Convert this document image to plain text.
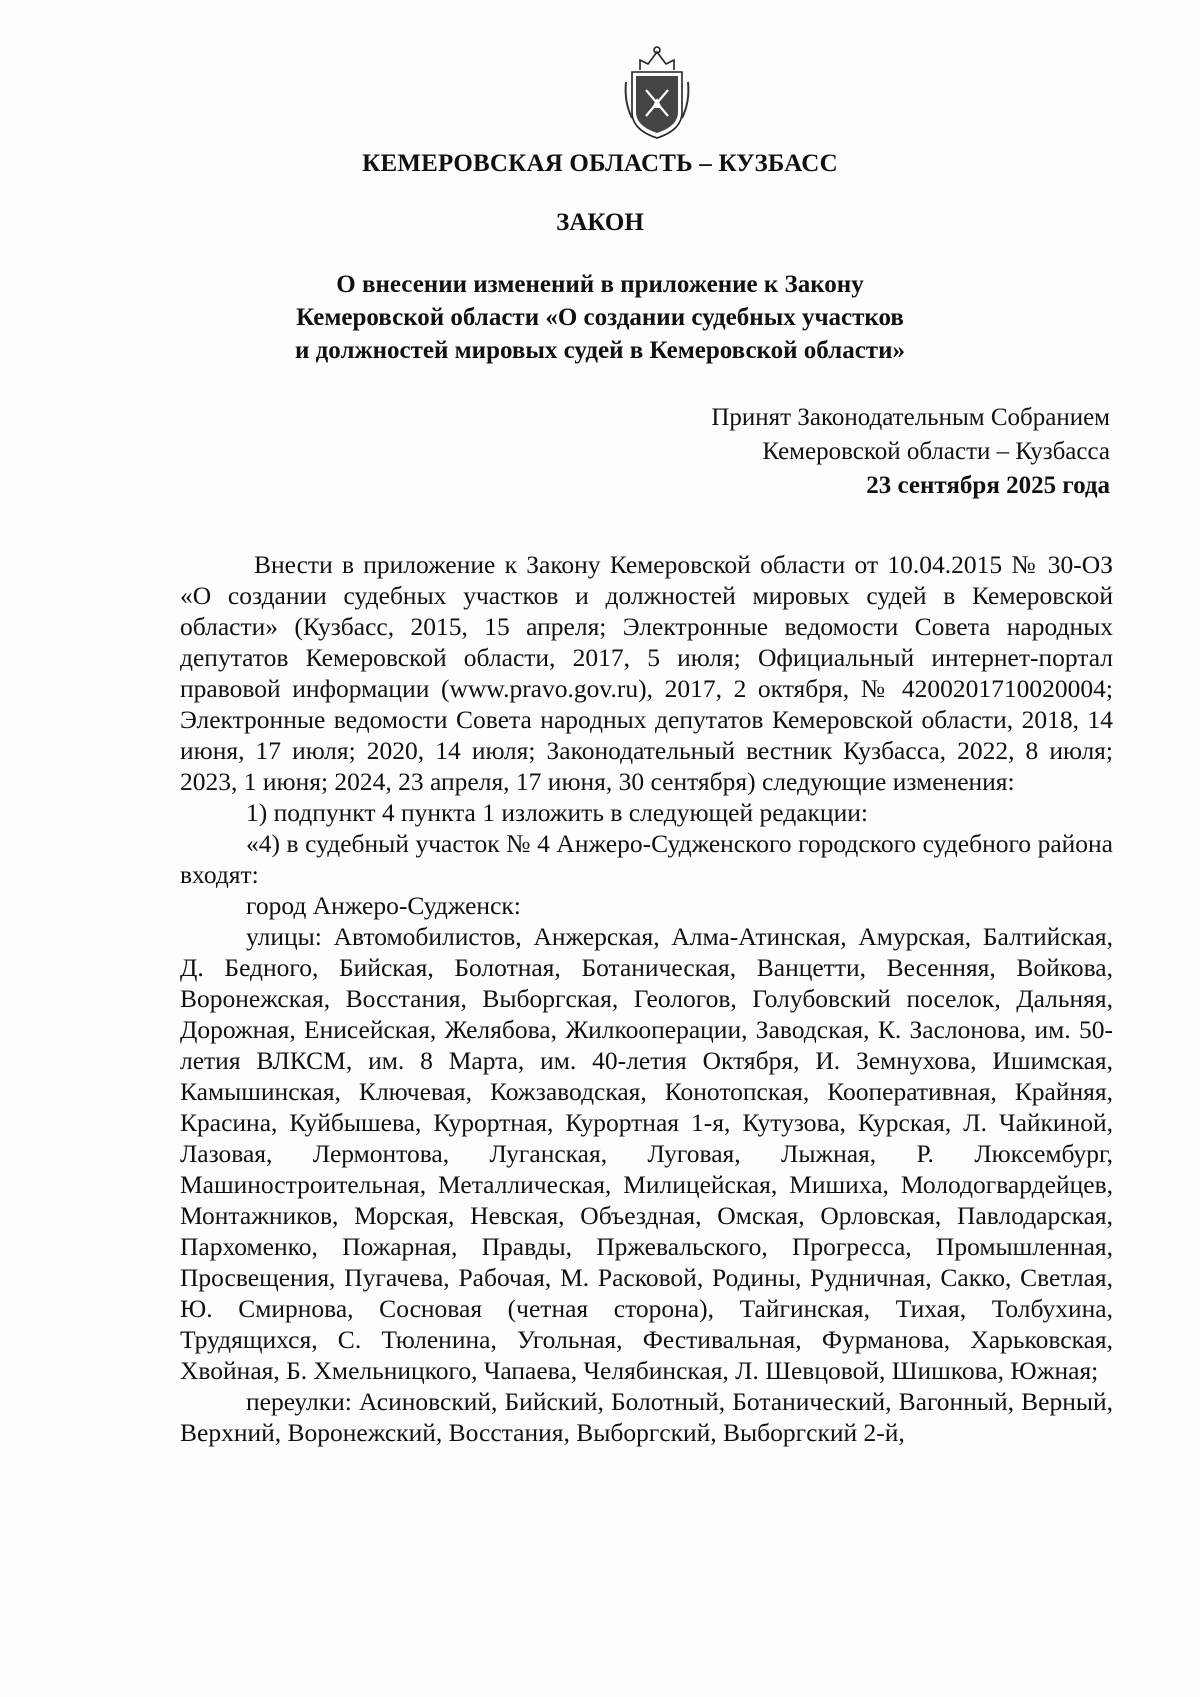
КЕМЕРОВСКАЯ ОБЛАСТЬ – КУЗБАСС
ЗАКОН
О внесении изменений в приложение к Закону
Кемеровской области «О создании судебных участков
и должностей мировых судей в Кемеровской области»
Принят Законодательным Собранием
Кемеровской области – Кузбасса
23 сентября 2025 года

Внести в приложение к Закону Кемеровской области от 10.04.2015 № 30-ОЗ «О создании судебных участков и должностей мировых судей в Кемеровской области» (Кузбасс, 2015, 15 апреля; Электронные ведомости Совета народных депутатов Кемеровской области, 2017, 5 июля; Официальный интернет-портал правовой информации (www.pravo.gov.ru), 2017, 2 октября, № 4200201710020004; Электронные ведомости Совета народных депутатов Кемеровской области, 2018, 14 июня, 17 июля; 2020, 14 июля; Законодательный вестник Кузбасса, 2022, 8 июля; 2023, 1 июня; 2024, 23 апреля, 17 июня, 30 сентября) следующие изменения:

1) подпункт 4 пункта 1 изложить в следующей редакции:

«4) в судебный участок № 4 Анжеро-Судженского городского судебного района входят:

город Анжеро-Судженск:

улицы: Автомобилистов, Анжерская, Алма-Атинская, Амурская, Балтийская, Д. Бедного, Бийская, Болотная, Ботаническая, Ванцетти, Весенняя, Войкова, Воронежская, Восстания, Выборгская, Геологов, Голубовский поселок, Дальняя, Дорожная, Енисейская, Желябова, Жилкооперации, Заводская, К. Заслонова, им. 50-летия ВЛКСМ, им. 8 Марта, им. 40-летия Октября, И. Земнухова, Ишимская, Камышинская, Ключевая, Кожзаводская, Конотопская, Кооперативная, Крайняя, Красина, Куйбышева, Курортная, Курортная 1-я, Кутузова, Курская, Л. Чайкиной, Лазовая, Лермонтова, Луганская, Луговая, Лыжная, Р. Люксембург, Машиностроительная, Металлическая, Милицейская, Мишиха, Молодогвардейцев, Монтажников, Морская, Невская, Объездная, Омская, Орловская, Павлодарская, Пархоменко, Пожарная, Правды, Пржевальского, Прогресса, Промышленная, Просвещения, Пугачева, Рабочая, М. Расковой, Родины, Рудничная, Сакко, Светлая, Ю. Смирнова, Сосновая (четная сторона), Тайгинская, Тихая, Толбухина, Трудящихся, С. Тюленина, Угольная, Фестивальная, Фурманова, Харьковская, Хвойная, Б. Хмельницкого, Чапаева, Челябинская, Л. Шевцовой, Шишкова, Южная;

переулки: Асиновский, Бийский, Болотный, Ботанический, Вагонный, Верный, Верхний, Воронежский, Восстания, Выборгский, Выборгский 2-й,
